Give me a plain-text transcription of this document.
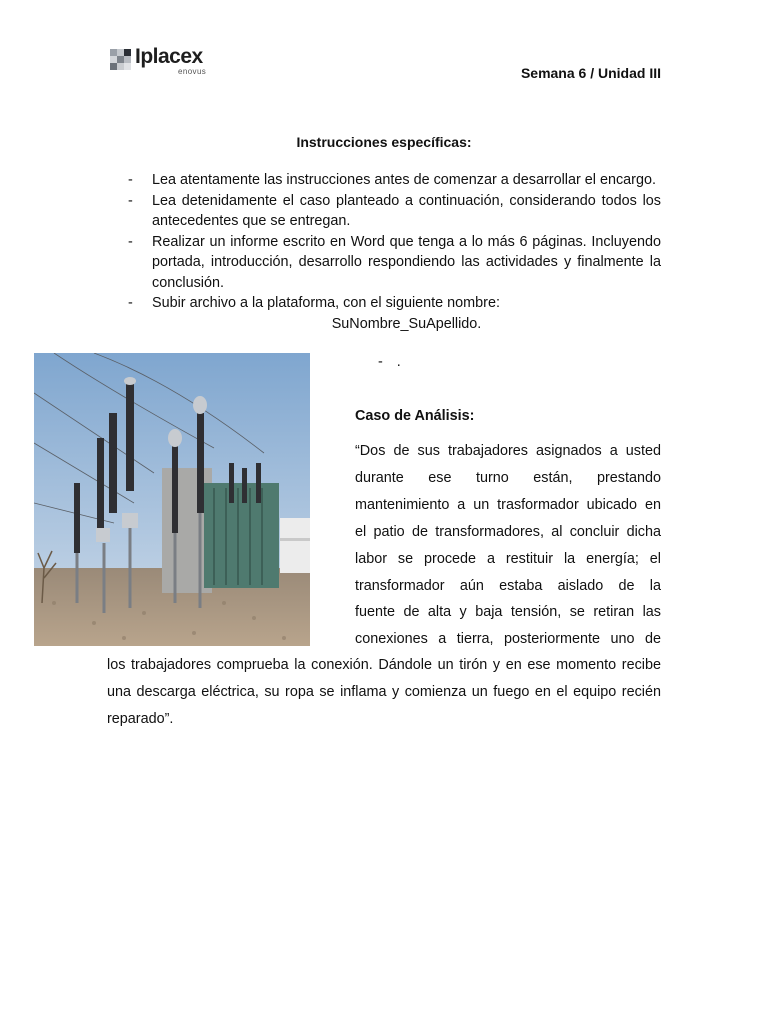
Iplacex
enovus	Semana 6 / Unidad III
Instrucciones específicas:
- Lea atentamente las instrucciones antes de comenzar a desarrollar el encargo.
- Lea detenidamente el caso planteado a continuación, considerando todos los antecedentes que se entregan.
- Realizar un informe escrito en Word que tenga a lo más 6 páginas. Incluyendo portada, introducción, desarrollo respondiendo las actividades y finalmente la conclusión.
- Subir archivo a la plataforma, con el siguiente nombre:
SuNombre_SuApellido.
- .
Caso de Análisis:
“Dos de sus trabajadores asignados a usted
durante ese turno están, prestando
mantenimiento a un trasformador ubicado en
el patio de transformadores, al concluir dicha
labor se procede a restituir la energía; el
transformador aún estaba aislado de la
fuente de alta y baja tensión, se retiran las
conexiones a tierra, posteriormente uno de
los trabajadores comprueba la conexión. Dándole un tirón y en ese momento recibe una descarga eléctrica, su ropa se inflama y comienza un fuego en el equipo recién reparado”.
